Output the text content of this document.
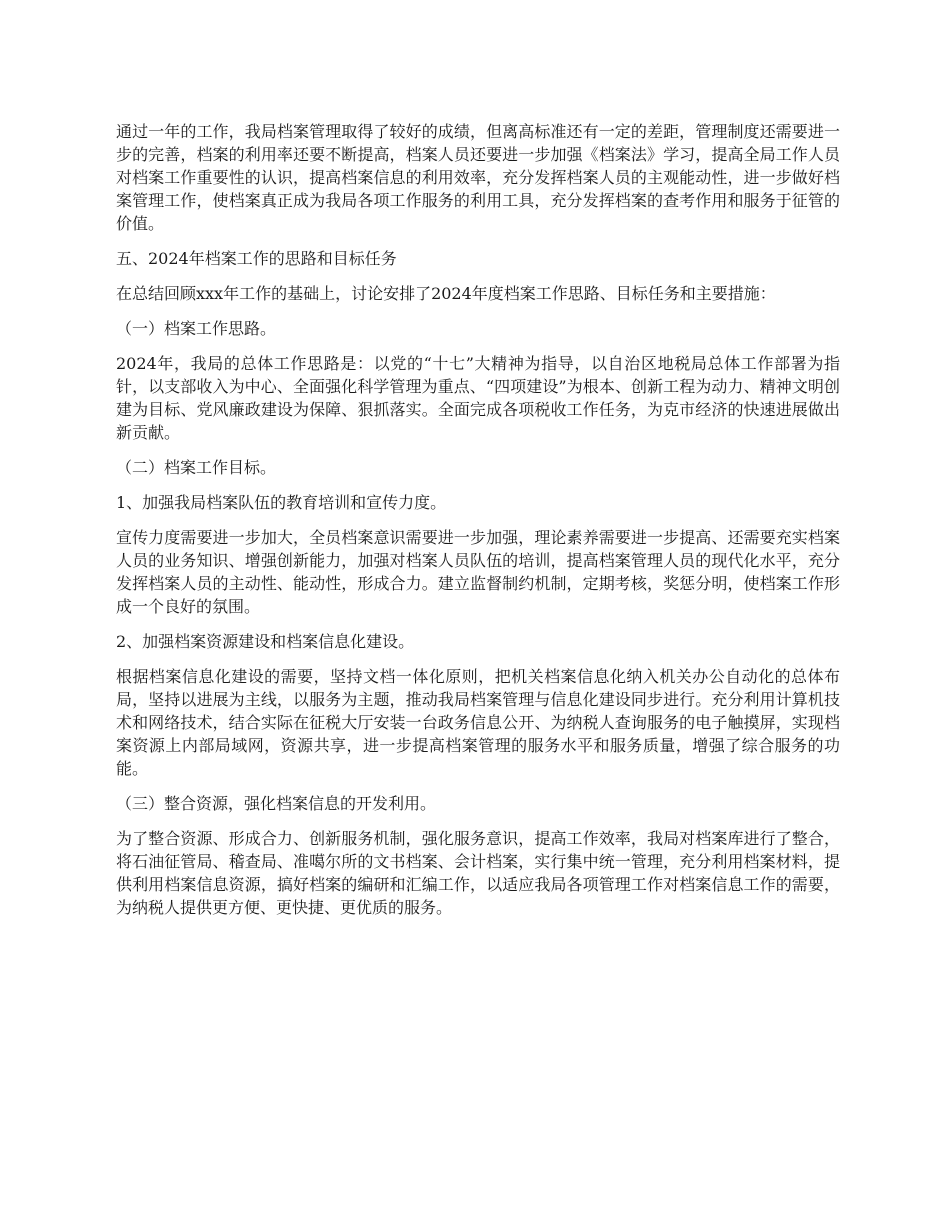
通过一年的工作，我局档案管理取得了较好的成绩，但离高标准还有一定的差距，管理制度还需要进一步的完善，档案的利用率还要不断提高，档案人员还要进一步加强《档案法》学习，提高全局工作人员对档案工作重要性的认识，提高档案信息的利用效率，充分发挥档案人员的主观能动性，进一步做好档案管理工作，使档案真正成为我局各项工作服务的利用工具，充分发挥档案的查考作用和服务于征管的价值。

五、2024年档案工作的思路和目标任务

在总结回顾xxx年工作的基础上，讨论安排了2024年度档案工作思路、目标任务和主要措施：

（一）档案工作思路。

2024年，我局的总体工作思路是：以党的“十七”大精神为指导，以自治区地税局总体工作部署为指针，以支部收入为中心、全面强化科学管理为重点、“四项建设”为根本、创新工程为动力、精神文明创建为目标、党风廉政建设为保障、狠抓落实。全面完成各项税收工作任务，为克市经济的快速进展做出新贡献。

（二）档案工作目标。

1、加强我局档案队伍的教育培训和宣传力度。

宣传力度需要进一步加大，全员档案意识需要进一步加强，理论素养需要进一步提高、还需要充实档案人员的业务知识、增强创新能力，加强对档案人员队伍的培训，提高档案管理人员的现代化水平，充分发挥档案人员的主动性、能动性，形成合力。建立监督制约机制，定期考核，奖惩分明，使档案工作形成一个良好的氛围。

2、加强档案资源建设和档案信息化建设。

根据档案信息化建设的需要，坚持文档一体化原则，把机关档案信息化纳入机关办公自动化的总体布局，坚持以进展为主线，以服务为主题，推动我局档案管理与信息化建设同步进行。充分利用计算机技术和网络技术，结合实际在征税大厅安装一台政务信息公开、为纳税人查询服务的电子触摸屏，实现档案资源上内部局域网，资源共享，进一步提高档案管理的服务水平和服务质量，增强了综合服务的功能。

（三）整合资源，强化档案信息的开发利用。

为了整合资源、形成合力、创新服务机制，强化服务意识，提高工作效率，我局对档案库进行了整合，将石油征管局、稽查局、准噶尔所的文书档案、会计档案，实行集中统一管理，充分利用档案材料，提供利用档案信息资源，搞好档案的编研和汇编工作，以适应我局各项管理工作对档案信息工作的需要，为纳税人提供更方便、更快捷、更优质的服务。
